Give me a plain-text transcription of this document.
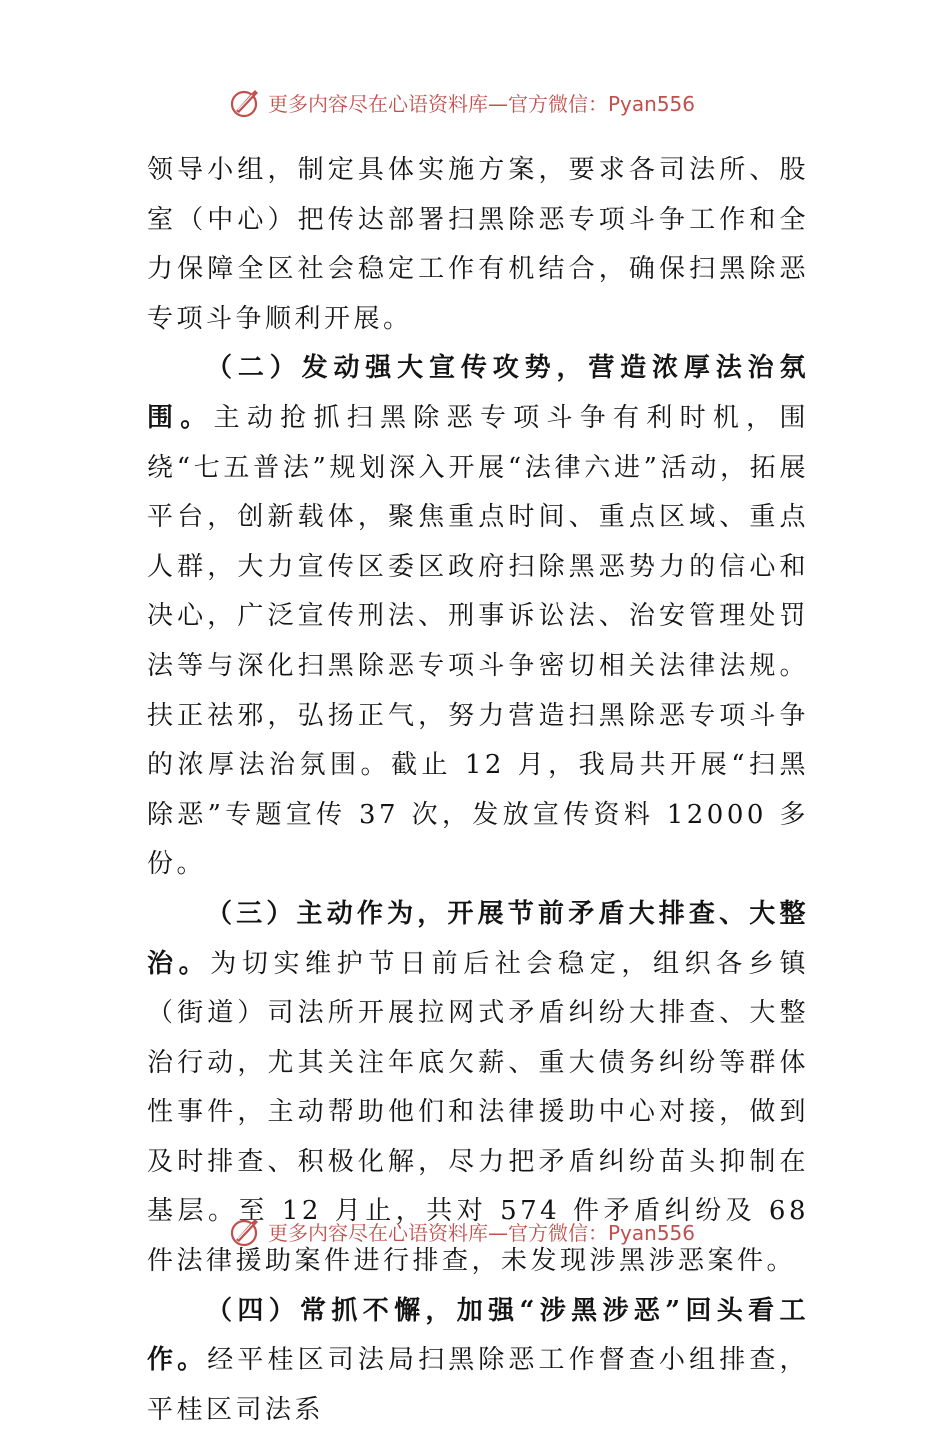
更多内容尽在心语资料库—官方微信：Pyan556

领导小组，制定具体实施方案，要求各司法所、股室（中心）把传达部署扫黑除恶专项斗争工作和全力保障全区社会稳定工作有机结合，确保扫黑除恶专项斗争顺利开展。

（二）发动强大宣传攻势，营造浓厚法治氛围。主动抢抓扫黑除恶专项斗争有利时机，围绕“七五普法”规划深入开展“法律六进”活动，拓展平台，创新载体，聚焦重点时间、重点区域、重点人群，大力宣传区委区政府扫除黑恶势力的信心和决心，广泛宣传刑法、刑事诉讼法、治安管理处罚法等与深化扫黑除恶专项斗争密切相关法律法规。扶正祛邪，弘扬正气，努力营造扫黑除恶专项斗争的浓厚法治氛围。截止 12 月，我局共开展“扫黑除恶”专题宣传 37 次，发放宣传资料 12000 多份。

（三）主动作为，开展节前矛盾大排查、大整治。为切实维护节日前后社会稳定，组织各乡镇（街道）司法所开展拉网式矛盾纠纷大排查、大整治行动，尤其关注年底欠薪、重大债务纠纷等群体性事件，主动帮助他们和法律援助中心对接，做到及时排查、积极化解，尽力把矛盾纠纷苗头抑制在基层。至 12 月止，共对 574 件矛盾纠纷及 68 件法律援助案件进行排查，未发现涉黑涉恶案件。

（四）常抓不懈，加强“涉黑涉恶”回头看工作。经平桂区司法局扫黑除恶工作督查小组排查，平桂区司法系

更多内容尽在心语资料库—官方微信：Pyan556
